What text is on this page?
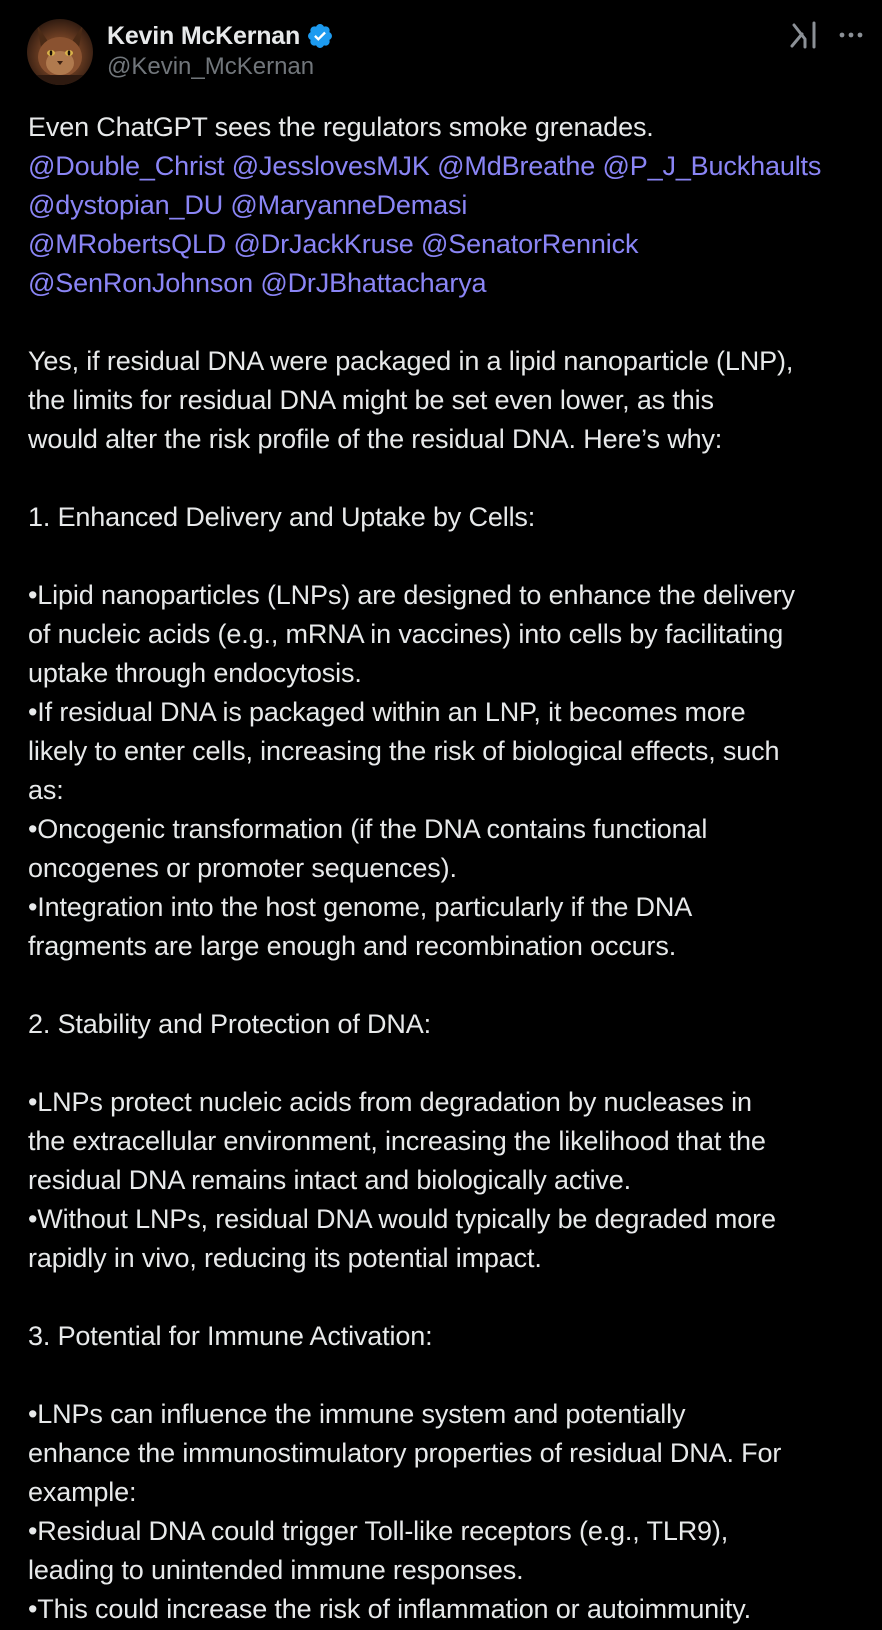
Kevin McKernan
@Kevin_McKernan

Even ChatGPT sees the regulators smoke grenades.

@Double_Christ @JesslovesMJK @MdBreathe @P_J_Buckhaults

@dystopian_DU @MaryanneDemasi

@MRobertsQLD @DrJackKruse @SenatorRennick

@SenRonJohnson @DrJBhattacharya

Yes, if residual DNA were packaged in a lipid nanoparticle (LNP),

the limits for residual DNA might be set even lower, as this

would alter the risk profile of the residual DNA. Here’s why:

1. Enhanced Delivery and Uptake by Cells:

•Lipid nanoparticles (LNPs) are designed to enhance the delivery

of nucleic acids (e.g., mRNA in vaccines) into cells by facilitating

uptake through endocytosis.

•If residual DNA is packaged within an LNP, it becomes more

likely to enter cells, increasing the risk of biological effects, such

as:

•Oncogenic transformation (if the DNA contains functional

oncogenes or promoter sequences).

•Integration into the host genome, particularly if the DNA

fragments are large enough and recombination occurs.

2. Stability and Protection of DNA:

•LNPs protect nucleic acids from degradation by nucleases in

the extracellular environment, increasing the likelihood that the

residual DNA remains intact and biologically active.

•Without LNPs, residual DNA would typically be degraded more

rapidly in vivo, reducing its potential impact.

3. Potential for Immune Activation:

•LNPs can influence the immune system and potentially

enhance the immunostimulatory properties of residual DNA. For

example:

•Residual DNA could trigger Toll-like receptors (e.g., TLR9),

leading to unintended immune responses.

•This could increase the risk of inflammation or autoimmunity.
